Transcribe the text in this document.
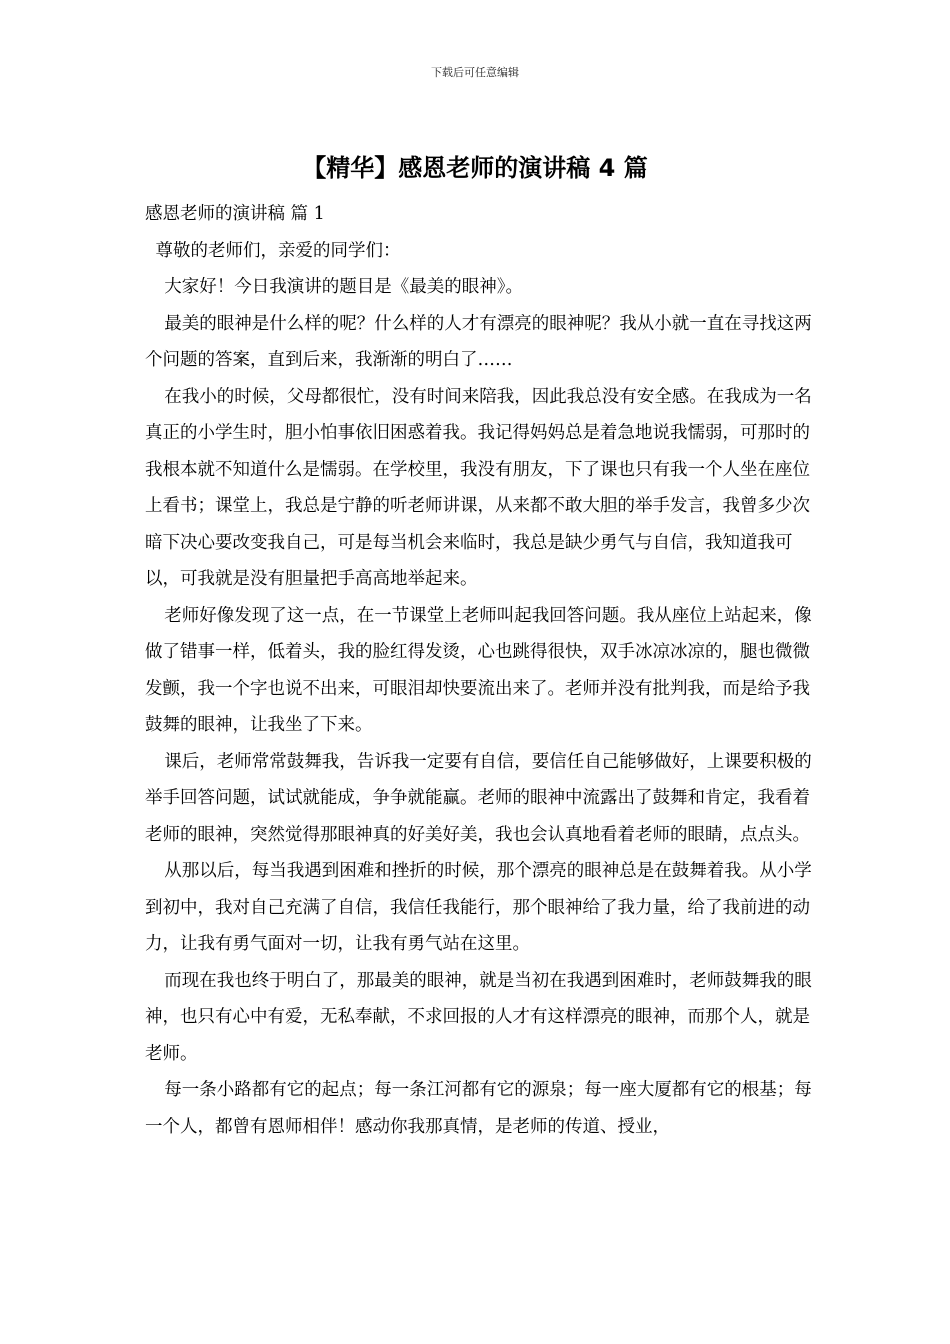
下载后可任意编辑
【精华】感恩老师的演讲稿 4 篇

感恩老师的演讲稿 篇 1

尊敬的老师们，亲爱的同学们：

大家好！今日我演讲的题目是《最美的眼神》。

最美的眼神是什么样的呢？什么样的人才有漂亮的眼神呢？我从小就一直在寻找这两个问题的答案，直到后来，我渐渐的明白了……

在我小的时候，父母都很忙，没有时间来陪我，因此我总没有安全感。在我成为一名真正的小学生时，胆小怕事依旧困惑着我。我记得妈妈总是着急地说我懦弱，可那时的我根本就不知道什么是懦弱。在学校里，我没有朋友，下了课也只有我一个人坐在座位上看书；课堂上，我总是宁静的听老师讲课，从来都不敢大胆的举手发言，我曾多少次暗下决心要改变我自己，可是每当机会来临时，我总是缺少勇气与自信，我知道我可以，可我就是没有胆量把手高高地举起来。

老师好像发现了这一点，在一节课堂上老师叫起我回答问题。我从座位上站起来，像做了错事一样，低着头，我的脸红得发烫，心也跳得很快，双手冰凉冰凉的，腿也微微发颤，我一个字也说不出来，可眼泪却快要流出来了。老师并没有批判我，而是给予我鼓舞的眼神，让我坐了下来。

课后，老师常常鼓舞我，告诉我一定要有自信，要信任自己能够做好，上课要积极的举手回答问题，试试就能成，争争就能赢。老师的眼神中流露出了鼓舞和肯定，我看着老师的眼神，突然觉得那眼神真的好美好美，我也会认真地看着老师的眼睛，点点头。

从那以后，每当我遇到困难和挫折的时候，那个漂亮的眼神总是在鼓舞着我。从小学到初中，我对自己充满了自信，我信任我能行，那个眼神给了我力量，给了我前进的动力，让我有勇气面对一切，让我有勇气站在这里。

而现在我也终于明白了，那最美的眼神，就是当初在我遇到困难时，老师鼓舞我的眼神，也只有心中有爱，无私奉献，不求回报的人才有这样漂亮的眼神，而那个人，就是老师。

每一条小路都有它的起点；每一条江河都有它的源泉；每一座大厦都有它的根基；每一个人，都曾有恩师相伴！感动你我那真情，是老师的传道、授业，
